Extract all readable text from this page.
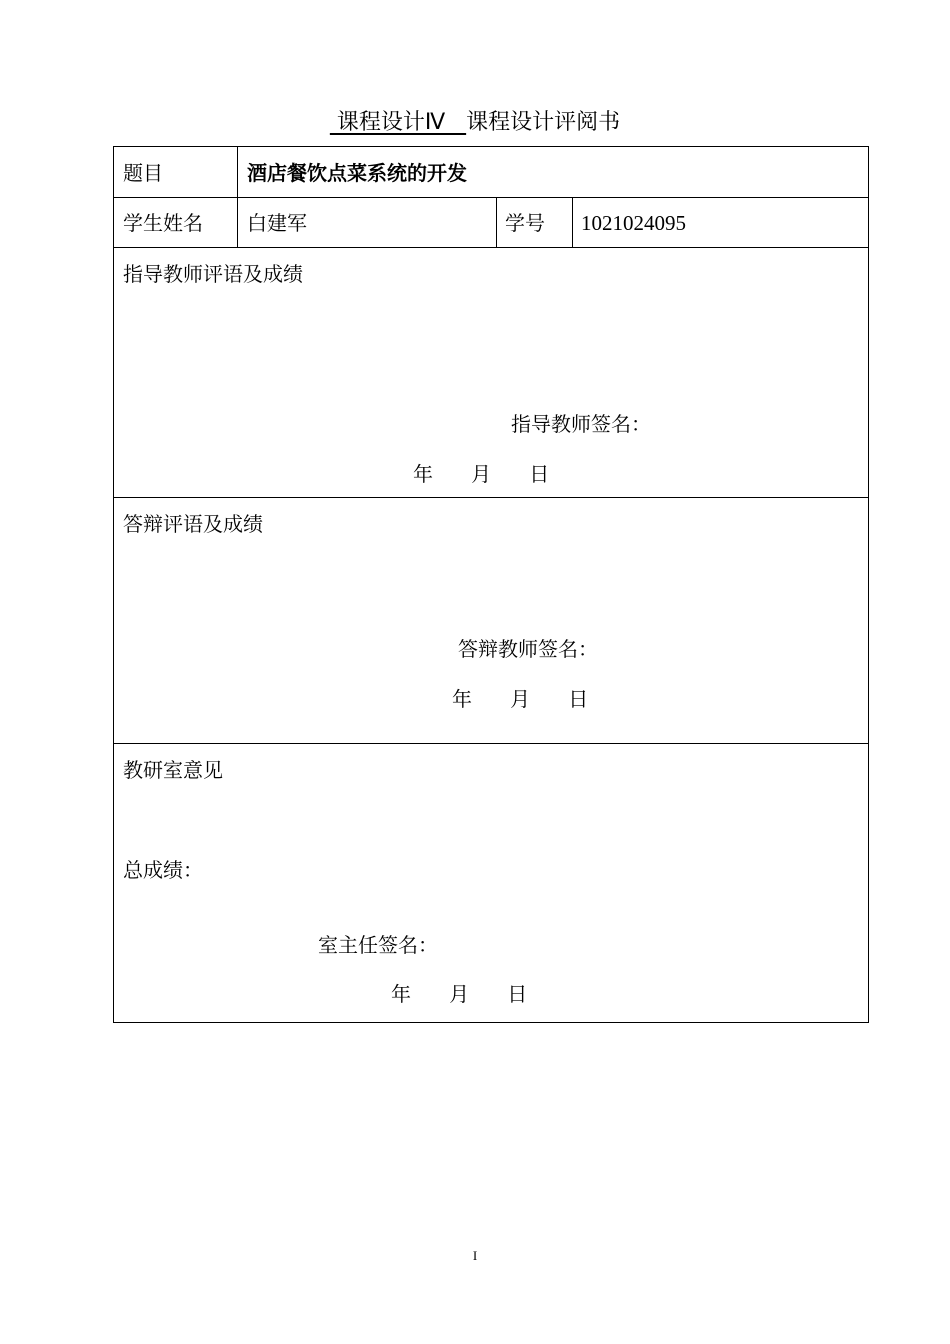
课程设计Ⅳ   课程设计评阅书
题目	酒店餐饮点菜系统的开发
学生姓名 白建军	学号 1021024095
指导教师评语及成绩
指导教师签名：
年      月      日
答辩评语及成绩
答辩教师签名：
年      月      日
教研室意见
总成绩：
室主任签名：
年      月      日
I
